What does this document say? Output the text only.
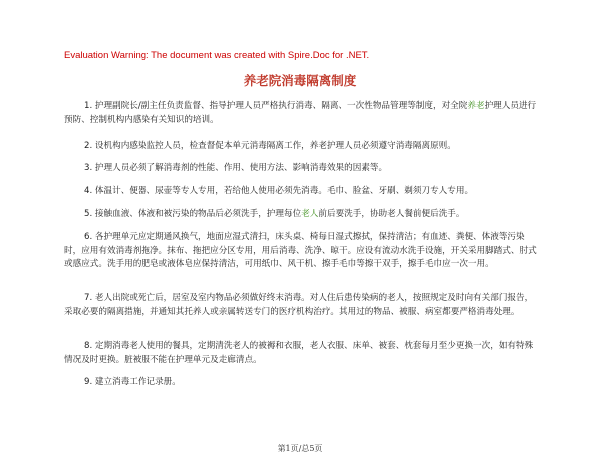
Evaluation Warning: The document was created with Spire.Doc for .NET.
养老院消毒隔离制度

1. 护理副院长/副主任负责监督、指导护理人员严格执行消毒、隔离、一次性物品管理等制度，对全院养老护理人员进行预防、控制机构内感染有关知识的培训。

2. 设机构内感染监控人员，检查督促本单元消毒隔离工作，养老护理人员必须遵守消毒隔离原则。

3. 护理人员必须了解消毒剂的性能、作用、使用方法、影响消毒效果的因素等。

4. 体温计、便器、尿壶等专人专用，若给他人使用必须先消毒。毛巾、脸盆、牙刷、剃须刀专人专用。

5. 接触血液、体液和被污染的物品后必须洗手，护理每位老人前后要洗手，协助老人餐前便后洗手。

6. 各护理单元应定期通风换气，地面应湿式清扫，床头桌、椅每日湿式擦拭，保持清洁；有血迹、粪便、体液等污染时，应用有效消毒剂拖净。抹布、拖把应分区专用，用后消毒、洗净、晾干。应设有流动水洗手设施，开关采用脚踏式、肘式或感应式。洗手用的肥皂或液体皂应保持清洁，可用纸巾、风干机、擦手毛巾等擦干双手，擦手毛巾应一次一用。

7. 老人出院或死亡后，居室及室内物品必须做好终末消毒。对人住后患传染病的老人，按照规定及时向有关部门报告，采取必要的隔离措施，并通知其托养人或亲属转送专门的医疗机构治疗。其用过的物品、被服、病室都要严格消毒处理。

8. 定期消毒老人使用的餐具，定期清洗老人的被褥和衣服，老人衣服、床单、被套、枕套每月至少更换一次，如有特殊情况及时更换。脏被服不能在护理单元及走廊清点。

9. 建立消毒工作记录册。

第1页/总5页
